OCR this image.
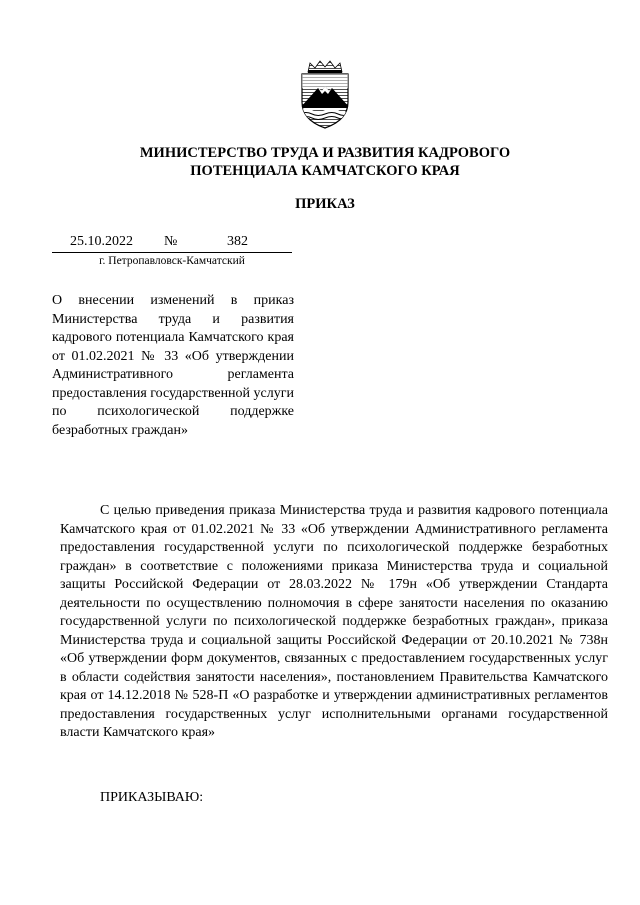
МИНИСТЕРСТВО ТРУДА И РАЗВИТИЯ КАДРОВОГО
ПОТЕНЦИАЛА КАМЧАТСКОГО КРАЯ
ПРИКАЗ
25.10.2022 №	382
г. Петропавловск-Камчатский
О внесении изменений в приказ Министерства труда и развития кадрового потенциала Камчатского края от 01.02.2021 № 33 «Об утверждении Административного регламента предоставления государственной услуги по психологической поддержке безработных граждан»

С целью приведения приказа Министерства труда и развития кадрового потенциала Камчатского края от 01.02.2021 № 33 «Об утверждении Административного регламента предоставления государственной услуги по психологической поддержке безработных граждан» в соответствие с положениями приказа Министерства труда и социальной защиты Российской Федерации от 28.03.2022 № 179н «Об утверждении Стандарта деятельности по осуществлению полномочия в сфере занятости населения по оказанию государственной услуги по психологической поддержке безработных граждан», приказа Министерства труда и социальной защиты Российской Федерации от 20.10.2021 № 738н «Об утверждении форм документов, связанных с предоставлением государственных услуг в области содействия занятости населения», постановлением Правительства Камчатского края от 14.12.2018 № 528-П «О разработке и утверждении административных регламентов предоставления государственных услуг исполнительными органами государственной власти Камчатского края»

ПРИКАЗЫВАЮ:
